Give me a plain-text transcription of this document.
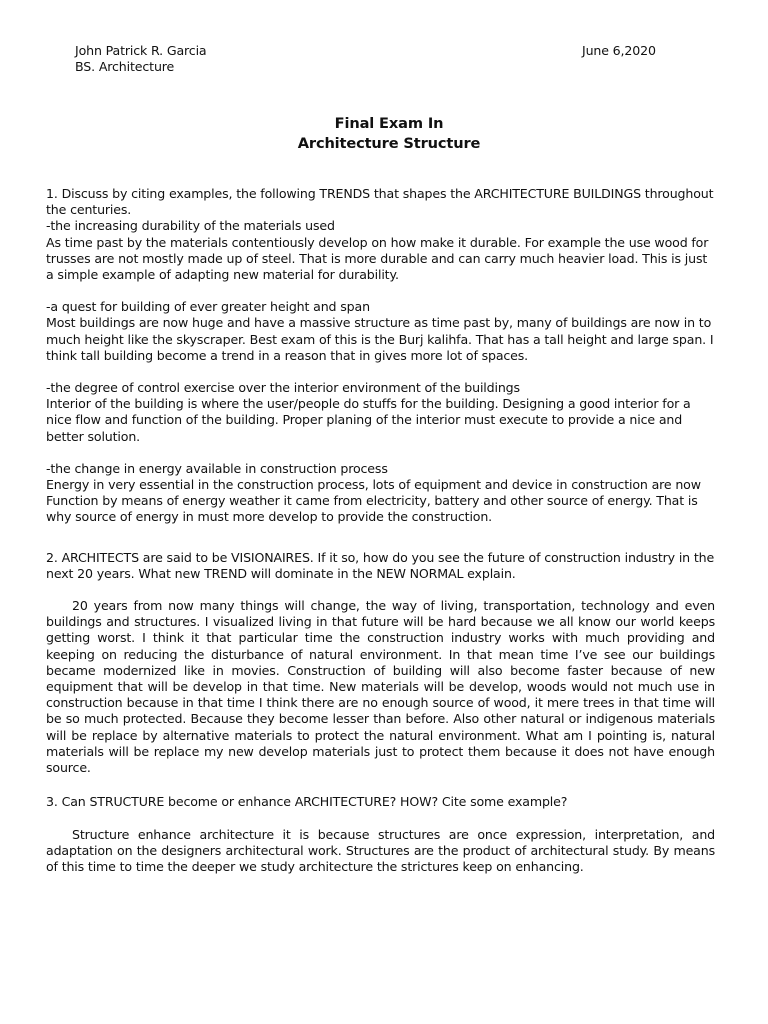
John Patrick R. Garcia
BS. Architecture
June 6,2020
Final Exam In
Architecture Structure

1. Discuss by citing examples, the following TRENDS that shapes the ARCHITECTURE BUILDINGS throughout the centuries.

-the increasing durability of the materials used

As time past by the materials contentiously develop on how make it durable. For example the use wood for trusses are not mostly made up of steel. That is more durable and can carry much heavier load. This is just a simple example of adapting new material for durability.

-a quest for building of ever greater height and span

Most buildings are now huge and have a massive structure as time past by, many of buildings are now in to much height like the skyscraper. Best exam of this is the Burj kalihfa. That has a tall height and large span. I think tall building become a trend in a reason that in gives more lot of spaces.

-the degree of control exercise over the interior environment of the buildings

Interior of the building is where the user/people do stuffs for the building. Designing a good interior for a nice flow and function of the building. Proper planing of the interior must execute to provide a nice and better solution.

-the change in energy available in construction process

Energy in very essential in the construction process, lots of equipment and device in construction are now Function by means of energy weather it came from electricity, battery and other source of energy. That is why source of energy in must more develop to provide the construction.

2. ARCHITECTS are said to be VISIONAIRES. If it so, how do you see the future of construction industry in the next 20 years. What new TREND will dominate in the NEW NORMAL explain.

20 years from now many things will change, the way of living, transportation, technology and even buildings and structures. I visualized living in that future will be hard because we all know our world keeps getting worst. I think it that particular time the construction industry works with much providing and keeping on reducing the disturbance of natural environment. In that mean time I’ve see our buildings became modernized like in movies. Construction of building will also become faster because of new equipment that will be develop in that time. New materials will be develop, woods would not much use in construction because in that time I think there are no enough source of wood, it mere trees in that time will be so much protected. Because they become lesser than before. Also other natural or indigenous materials will be replace by alternative materials to protect the natural environment. What am I pointing is, natural materials will be replace my new develop materials just to protect them because it does not have enough source.

3. Can STRUCTURE become or enhance ARCHITECTURE? HOW? Cite some example?

Structure enhance architecture it is because structures are once expression, interpretation, and adaptation on the designers architectural work. Structures are the product of architectural study. By means of this time to time the deeper we study architecture the strictures keep on enhancing.
